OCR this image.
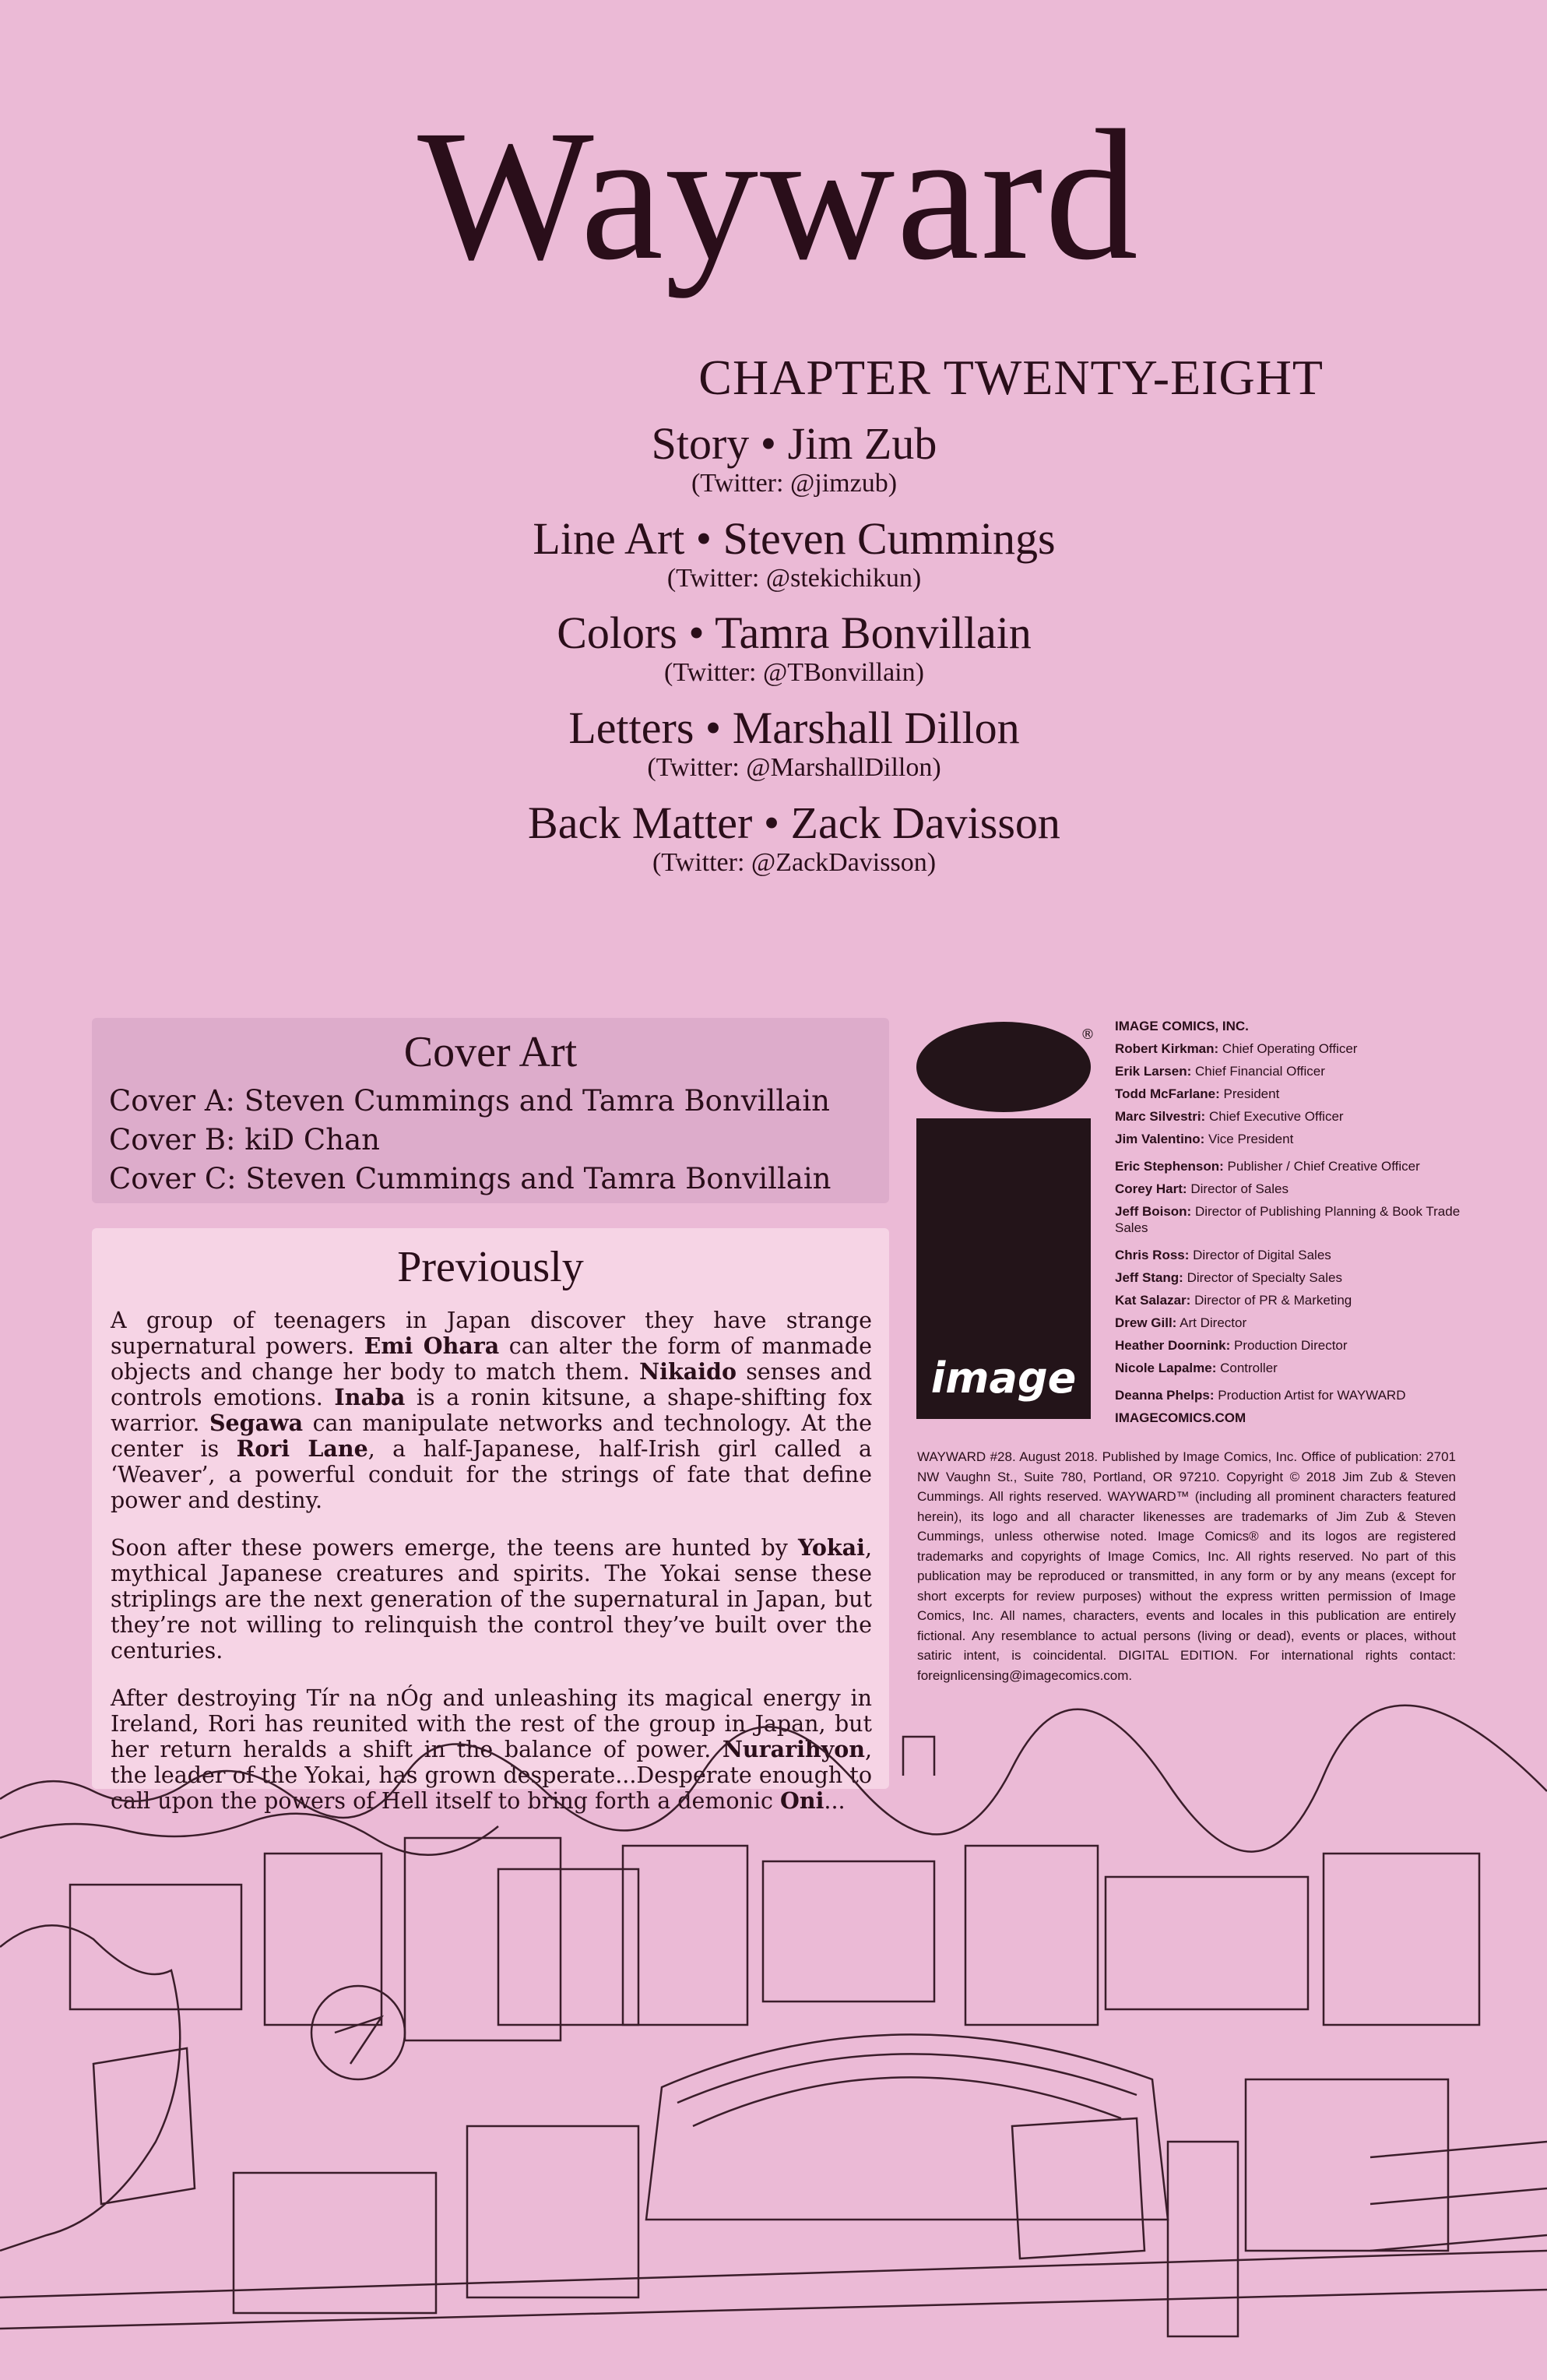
Wayward
CHAPTER TWENTY-EIGHT
Story • Jim Zub
(Twitter: @jimzub)
Line Art • Steven Cummings
(Twitter: @stekichikun)
Colors • Tamra Bonvillain
(Twitter: @TBonvillain)
Letters • Marshall Dillon
(Twitter: @MarshallDillon)
Back Matter • Zack Davisson
(Twitter: @ZackDavisson)
Cover Art
Cover A: Steven Cummings and Tamra Bonvillain
Cover B: kiD Chan
Cover C: Steven Cummings and Tamra Bonvillain
Previously

A group of teenagers in Japan discover they have strange supernatural powers. Emi Ohara can alter the form of manmade objects and change her body to match them. Nikaido senses and controls emotions. Inaba is a ronin kitsune, a shape-shifting fox warrior. Segawa can manipulate networks and technology. At the center is Rori Lane, a half-Japanese, half-Irish girl called a ‘Weaver’, a powerful conduit for the strings of fate that define power and destiny.

Soon after these powers emerge, the teens are hunted by Yokai, mythical Japanese creatures and spirits. The Yokai sense these striplings are the next generation of the supernatural in Japan, but they’re not willing to relinquish the control they’ve built over the centuries.

After destroying Tír na nÓg and unleashing its magical energy in Ireland, Rori has reunited with the rest of the group in Japan, but her return heralds a shift in the balance of power. Nurarihyon, the leader of the Yokai, has grown desperate...Desperate enough to call upon the powers of Hell itself to bring forth a demonic Oni...

image
®
IMAGE COMICS, INC.
Robert Kirkman: Chief Operating Officer
Erik Larsen: Chief Financial Officer
Todd McFarlane: President
Marc Silvestri: Chief Executive Officer
Jim Valentino: Vice President
Eric Stephenson: Publisher / Chief Creative Officer
Corey Hart: Director of Sales
Jeff Boison: Director of Publishing Planning & Book Trade Sales
Chris Ross: Director of Digital Sales
Jeff Stang: Director of Specialty Sales
Kat Salazar: Director of PR & Marketing
Drew Gill: Art Director
Heather Doornink: Production Director
Nicole Lapalme: Controller
Deanna Phelps: Production Artist for WAYWARD
IMAGECOMICS.COM
WAYWARD #28. August 2018. Published by Image Comics, Inc. Office of publication: 2701 NW Vaughn St., Suite 780, Portland, OR 97210. Copyright © 2018 Jim Zub & Steven Cummings. All rights reserved. WAYWARD™ (including all prominent characters featured herein), its logo and all character likenesses are trademarks of Jim Zub & Steven Cummings, unless otherwise noted. Image Comics® and its logos are registered trademarks and copyrights of Image Comics, Inc. All rights reserved. No part of this publication may be reproduced or transmitted, in any form or by any means (except for short excerpts for review purposes) without the express written permission of Image Comics, Inc. All names, characters, events and locales in this publication are entirely fictional. Any resemblance to actual persons (living or dead), events or places, without satiric intent, is coincidental. DIGITAL EDITION. For international rights contact: foreignlicensing@imagecomics.com.
